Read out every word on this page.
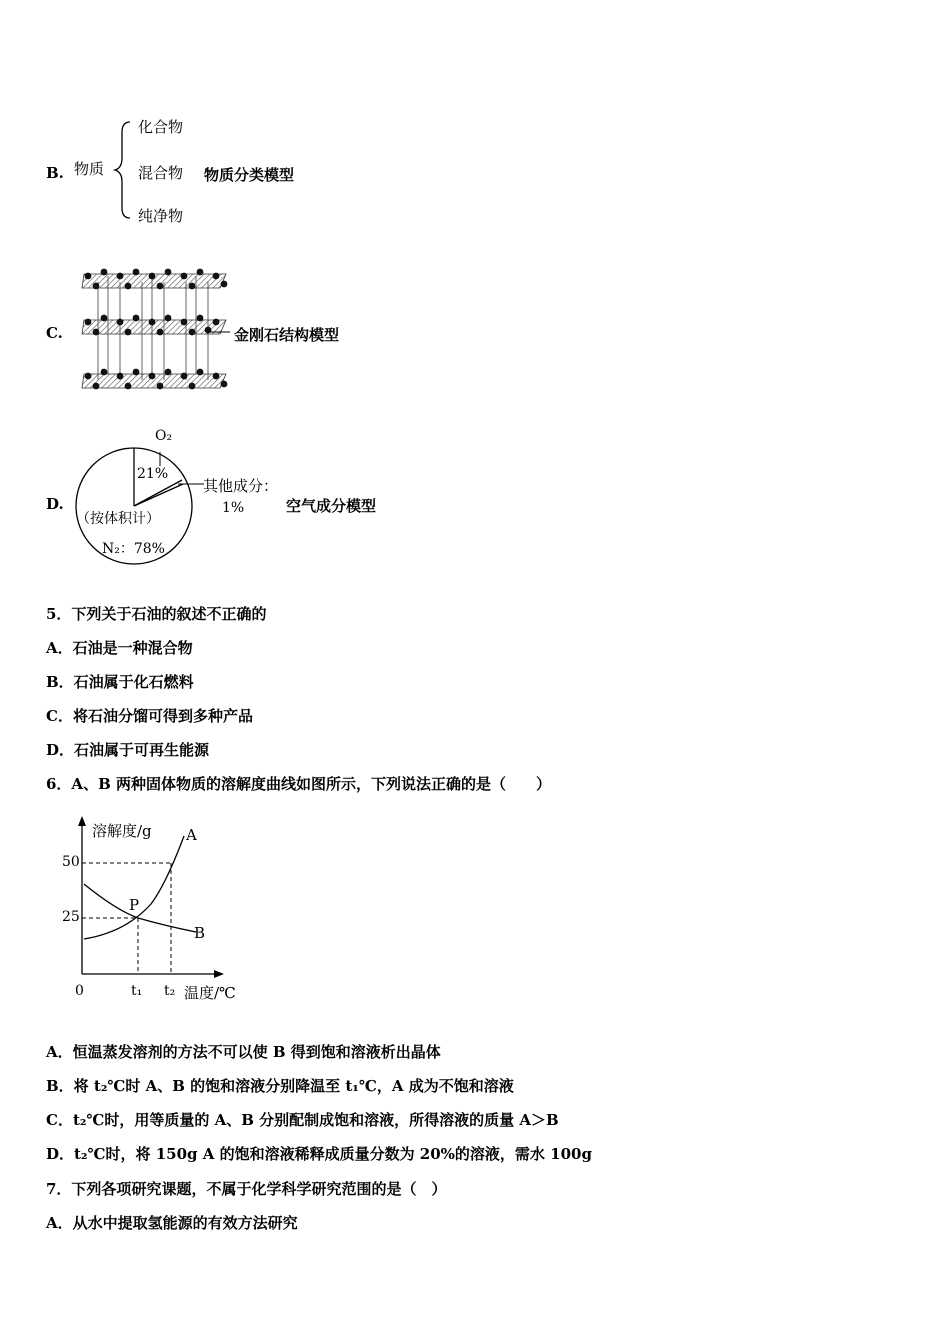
B. 物质
化合物
混合物
纯净物
物质分类模型
C.	金刚石结构模型
D.
O₂
21%
其他成分：
1%
（按体积计）
N₂：78%
空气成分模型
5．下列关于石油的叙述不正确的
A．石油是一种混合物
B．石油属于化石燃料
C．将石油分馏可得到多种产品
D．石油属于可再生能源
6．A、B 两种固体物质的溶解度曲线如图所示，下列说法正确的是（　　）
溶解度/g A
50
25
P
B
0	t₁ t₂ 温度/℃
A．恒温蒸发溶剂的方法不可以使 B 得到饱和溶液析出晶体
B．将 t₂℃时 A、B 的饱和溶液分别降温至 t₁℃，A 成为不饱和溶液
C．t₂℃时，用等质量的 A、B 分别配制成饱和溶液，所得溶液的质量 A＞B
D．t₂℃时，将 150g A 的饱和溶液稀释成质量分数为 20%的溶液，需水 100g
7．下列各项研究课题，不属于化学科学研究范围的是（　）
A．从水中提取氢能源的有效方法研究
